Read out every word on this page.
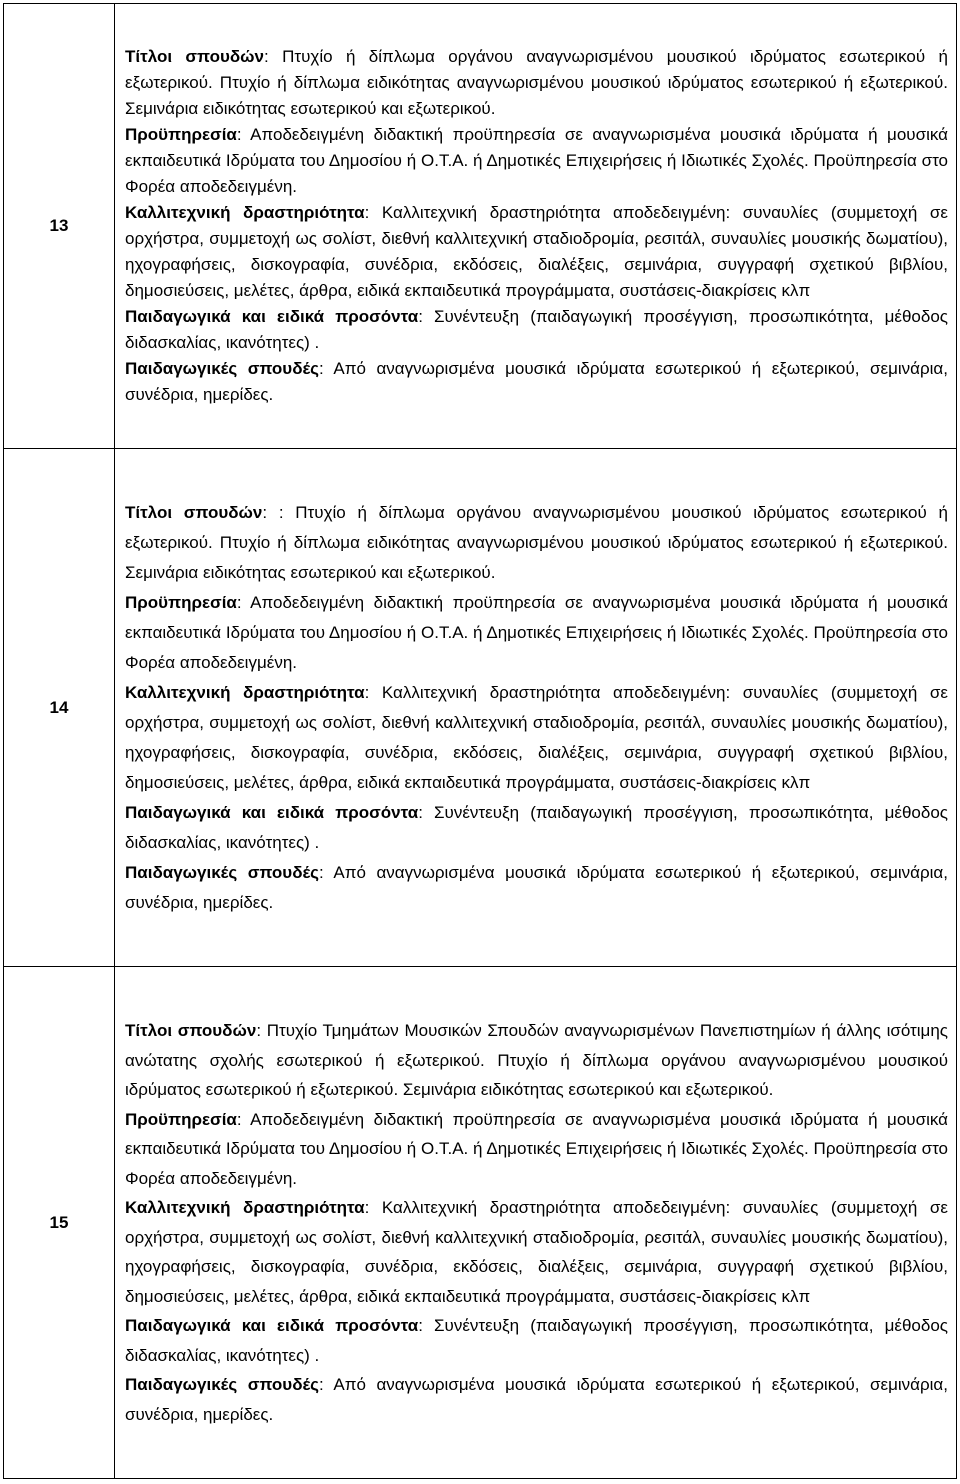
13	Τίτλοι σπουδών: Πτυχίο ή δίπλωμα οργάνου αναγνωρισμένου μουσικού ιδρύματος εσωτερικού ή εξωτερικού. Πτυχίο ή δίπλωμα ειδικότητας αναγνωρισμένου μουσικού ιδρύματος εσωτερικού ή εξωτερικού. Σεμινάρια ειδικότητας εσωτερικού και εξωτερικού.

Προϋπηρεσία: Αποδεδειγμένη διδακτική προϋπηρεσία σε αναγνωρισμένα μουσικά ιδρύματα ή μουσικά εκπαιδευτικά Ιδρύματα του Δημοσίου ή Ο.Τ.Α. ή Δημοτικές Επιχειρήσεις ή Ιδιωτικές Σχολές. Προϋπηρεσία στο Φορέα αποδεδειγμένη.

Καλλιτεχνική δραστηριότητα: Καλλιτεχνική δραστηριότητα αποδεδειγμένη: συναυλίες (συμμετοχή σε ορχήστρα, συμμετοχή ως σολίστ, διεθνή καλλιτεχνική σταδιοδρομία, ρεσιτάλ, συναυλίες μουσικής δωματίου), ηχογραφήσεις, δισκογραφία, συνέδρια, εκδόσεις, διαλέξεις, σεμινάρια, συγγραφή σχετικού βιβλίου, δημοσιεύσεις, μελέτες, άρθρα, ειδικά εκπαιδευτικά προγράμματα, συστάσεις-διακρίσεις κλπ

Παιδαγωγικά και ειδικά προσόντα: Συνέντευξη (παιδαγωγική προσέγγιση, προσωπικότητα, μέθοδος διδασκαλίας, ικανότητες) .

Παιδαγωγικές σπουδές: Από αναγνωρισμένα μουσικά ιδρύματα εσωτερικού ή εξωτερικού, σεμινάρια, συνέδρια, ημερίδες.

14	Τίτλοι σπουδών: : Πτυχίο ή δίπλωμα οργάνου αναγνωρισμένου μουσικού ιδρύματος εσωτερικού ή εξωτερικού. Πτυχίο ή δίπλωμα ειδικότητας αναγνωρισμένου μουσικού ιδρύματος εσωτερικού ή εξωτερικού. Σεμινάρια ειδικότητας εσωτερικού και εξωτερικού.

Προϋπηρεσία: Αποδεδειγμένη διδακτική προϋπηρεσία σε αναγνωρισμένα μουσικά ιδρύματα ή μουσικά εκπαιδευτικά Ιδρύματα του Δημοσίου ή Ο.Τ.Α. ή Δημοτικές Επιχειρήσεις ή Ιδιωτικές Σχολές. Προϋπηρεσία στο Φορέα αποδεδειγμένη.

Καλλιτεχνική δραστηριότητα: Καλλιτεχνική δραστηριότητα αποδεδειγμένη: συναυλίες (συμμετοχή σε ορχήστρα, συμμετοχή ως σολίστ, διεθνή καλλιτεχνική σταδιοδρομία, ρεσιτάλ, συναυλίες μουσικής δωματίου), ηχογραφήσεις, δισκογραφία, συνέδρια, εκδόσεις, διαλέξεις, σεμινάρια, συγγραφή σχετικού βιβλίου, δημοσιεύσεις, μελέτες, άρθρα, ειδικά εκπαιδευτικά προγράμματα, συστάσεις-διακρίσεις κλπ

Παιδαγωγικά και ειδικά προσόντα: Συνέντευξη (παιδαγωγική προσέγγιση, προσωπικότητα, μέθοδος διδασκαλίας, ικανότητες) .

Παιδαγωγικές σπουδές: Από αναγνωρισμένα μουσικά ιδρύματα εσωτερικού ή εξωτερικού, σεμινάρια, συνέδρια, ημερίδες.

15	Τίτλοι σπουδών: Πτυχίο Τμημάτων Μουσικών Σπουδών αναγνωρισμένων Πανεπιστημίων ή άλλης ισότιμης ανώτατης σχολής εσωτερικού ή εξωτερικού. Πτυχίο ή δίπλωμα οργάνου αναγνωρισμένου μουσικού ιδρύματος εσωτερικού ή εξωτερικού. Σεμινάρια ειδικότητας εσωτερικού και εξωτερικού.

Προϋπηρεσία: Αποδεδειγμένη διδακτική προϋπηρεσία σε αναγνωρισμένα μουσικά ιδρύματα ή μουσικά εκπαιδευτικά Ιδρύματα του Δημοσίου ή Ο.Τ.Α. ή Δημοτικές Επιχειρήσεις ή Ιδιωτικές Σχολές. Προϋπηρεσία στο Φορέα αποδεδειγμένη.

Καλλιτεχνική δραστηριότητα: Καλλιτεχνική δραστηριότητα αποδεδειγμένη: συναυλίες (συμμετοχή σε ορχήστρα, συμμετοχή ως σολίστ, διεθνή καλλιτεχνική σταδιοδρομία, ρεσιτάλ, συναυλίες μουσικής δωματίου), ηχογραφήσεις, δισκογραφία, συνέδρια, εκδόσεις, διαλέξεις, σεμινάρια, συγγραφή σχετικού βιβλίου, δημοσιεύσεις, μελέτες, άρθρα, ειδικά εκπαιδευτικά προγράμματα, συστάσεις-διακρίσεις κλπ

Παιδαγωγικά και ειδικά προσόντα: Συνέντευξη (παιδαγωγική προσέγγιση, προσωπικότητα, μέθοδος διδασκαλίας, ικανότητες) .

Παιδαγωγικές σπουδές: Από αναγνωρισμένα μουσικά ιδρύματα εσωτερικού ή εξωτερικού, σεμινάρια, συνέδρια, ημερίδες.
